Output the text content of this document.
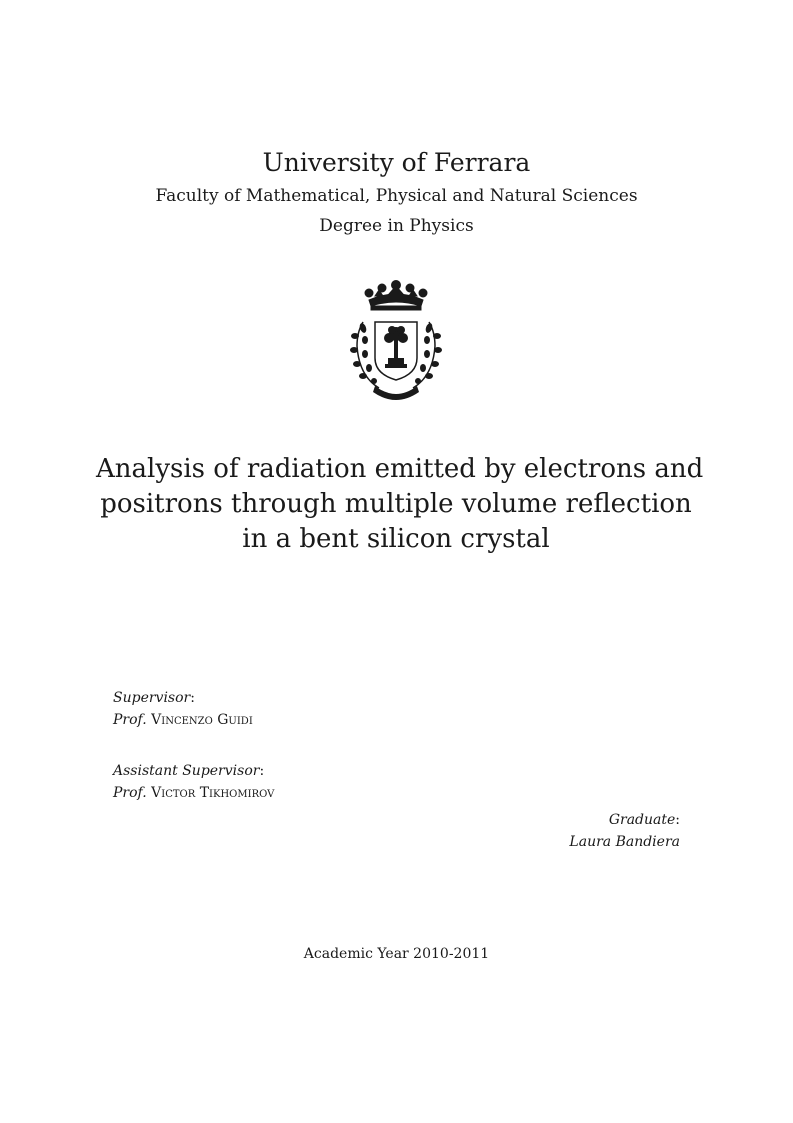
University of Ferrara
Faculty of Mathematical, Physical and Natural Sciences
Degree in Physics
Analysis of radiation emitted by electrons and
positrons through multiple volume reflection
in a bent silicon crystal
Supervisor:
Prof. Vincenzo Guidi
Assistant Supervisor:
Prof. Victor Tikhomirov
Graduate:
Laura Bandiera
Academic Year 2010-2011
